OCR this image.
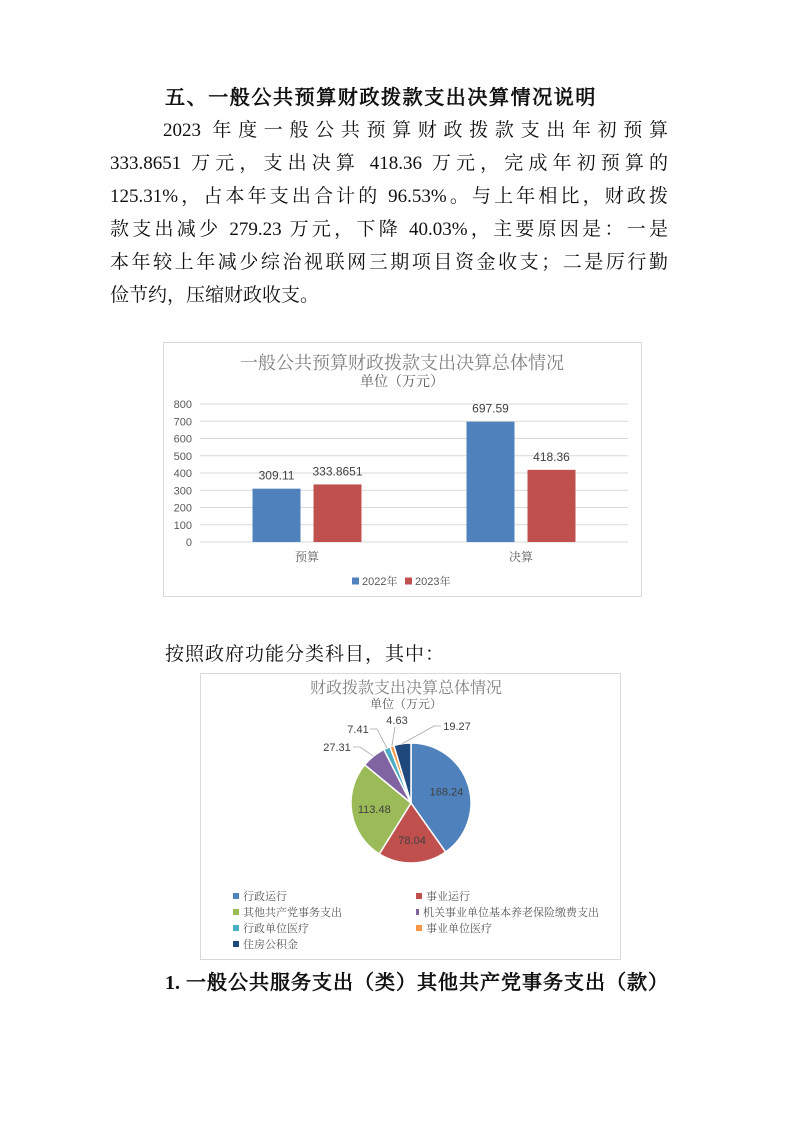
五、一般公共预算财政拨款支出决算情况说明
2023 年度一般公共预算财政拨款支出年初预算
333.8651 万元，支出决算 418.36 万元，完成年初预算的
125.31%，占本年支出合计的 96.53%。与上年相比，财政拨
款支出减少 279.23 万元，下降 40.03%，主要原因是：一是
本年较上年减少综治视联网三期项目资金收支；二是厉行勤
俭节约，压缩财政收支。
一般公共预算财政拨款支出决算总体情况
单位（万元）
0
100
200
300
400
500
600
700
800
309.11
697.59
333.8651
418.36
预算	决算
2022年 2023年
按照政府功能分类科目，其中：
财政拨款支出决算总体情况
单位（万元）
168.24
78.04
113.48
27.31
7.41
4.63	19.27
行政运行	事业运行
其他共产党事务支出	机关事业单位基本养老保险缴费支出
行政单位医疗	事业单位医疗
住房公积金
1. 一般公共服务支出（类）其他共产党事务支出（款）
